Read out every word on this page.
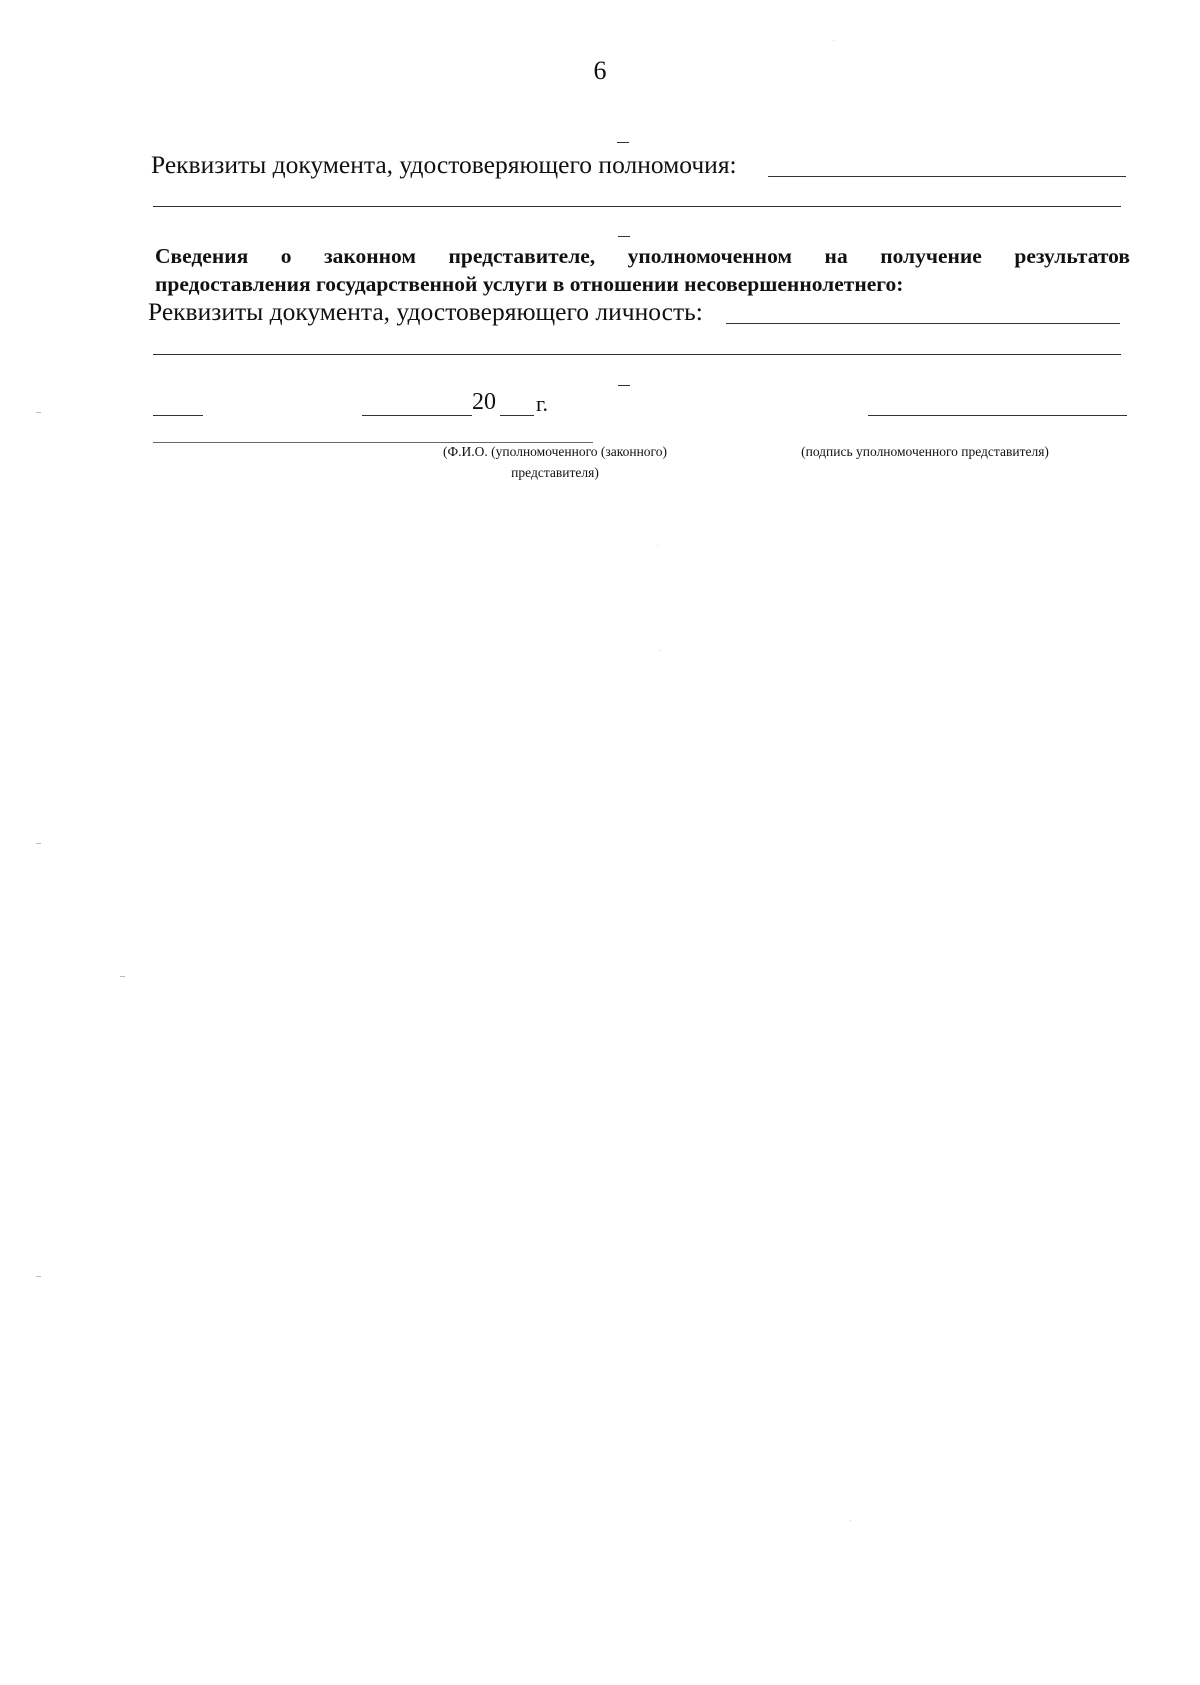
6
Реквизиты документа, удостоверяющего полномочия:
Сведения о законном представителе, уполномоченном на получение результатов
предоставления государственной услуги в отношении несовершеннолетнего:
Реквизиты документа, удостоверяющего личность:
20 г.
(Ф.И.О. (уполномоченного (законного)
представителя)
(подпись уполномоченного представителя)
